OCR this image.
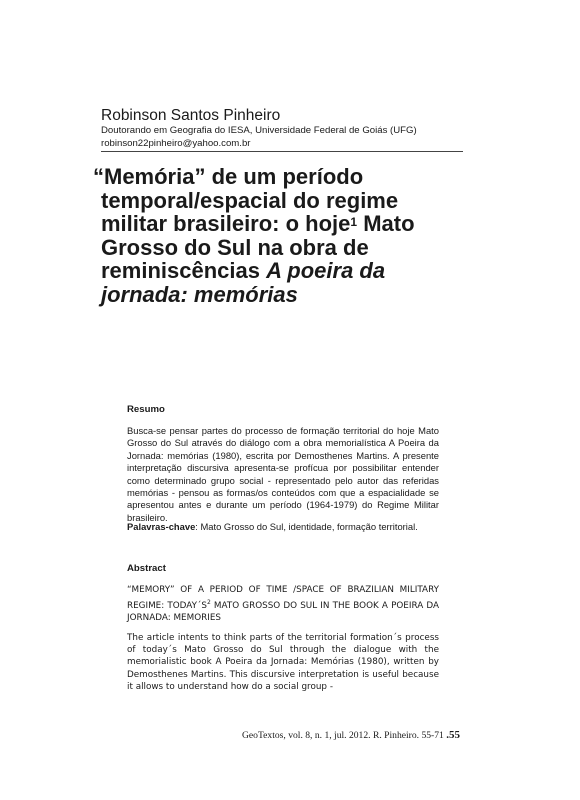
Robinson Santos Pinheiro
Doutorando em Geografia do IESA, Universidade Federal de Goiás (UFG)
robinson22pinheiro@yahoo.com.br
“Memória” de um período temporal/espacial do regime militar brasileiro: o hoje$^1$ Mato Grosso do Sul na obra de reminiscências A poeira da jornada: memórias
Resumo
Busca-se pensar partes do processo de formação territorial do hoje Mato Grosso do Sul através do diálogo com a obra memorialística A Poeira da Jornada: memórias (1980), escrita por Demosthenes Martins. A presente interpretação discursiva apresenta-se profícua por possibilitar entender como determinado grupo social - representado pelo autor das referidas memórias - pensou as formas/os conteúdos com que a espacialidade se apresentou antes e durante um período (1964-1979) do Regime Militar brasileiro.
Palavras-chave: Mato Grosso do Sul, identidade, formação territorial.
Abstract
“MEMORY” OF A PERIOD OF TIME /SPACE OF BRAZILIAN MILITARY REGIME: $TODAY´S^2$ MATO GROSSO DO SUL IN THE BOOK A POEIRA DA JORNADA: MEMORIES
The article intents to think parts of the territorial formation´s process of today´s Mato Grosso do Sul through the dialogue with the memorialistic book A Poeira da Jornada: Memórias (1980), written by Demosthenes Martins. This discursive interpretation is useful because it allows to understand how do a social group -
GeoTextos, vol. 8, n. 1, jul. 2012. R. Pinheiro. 55-71 .55
